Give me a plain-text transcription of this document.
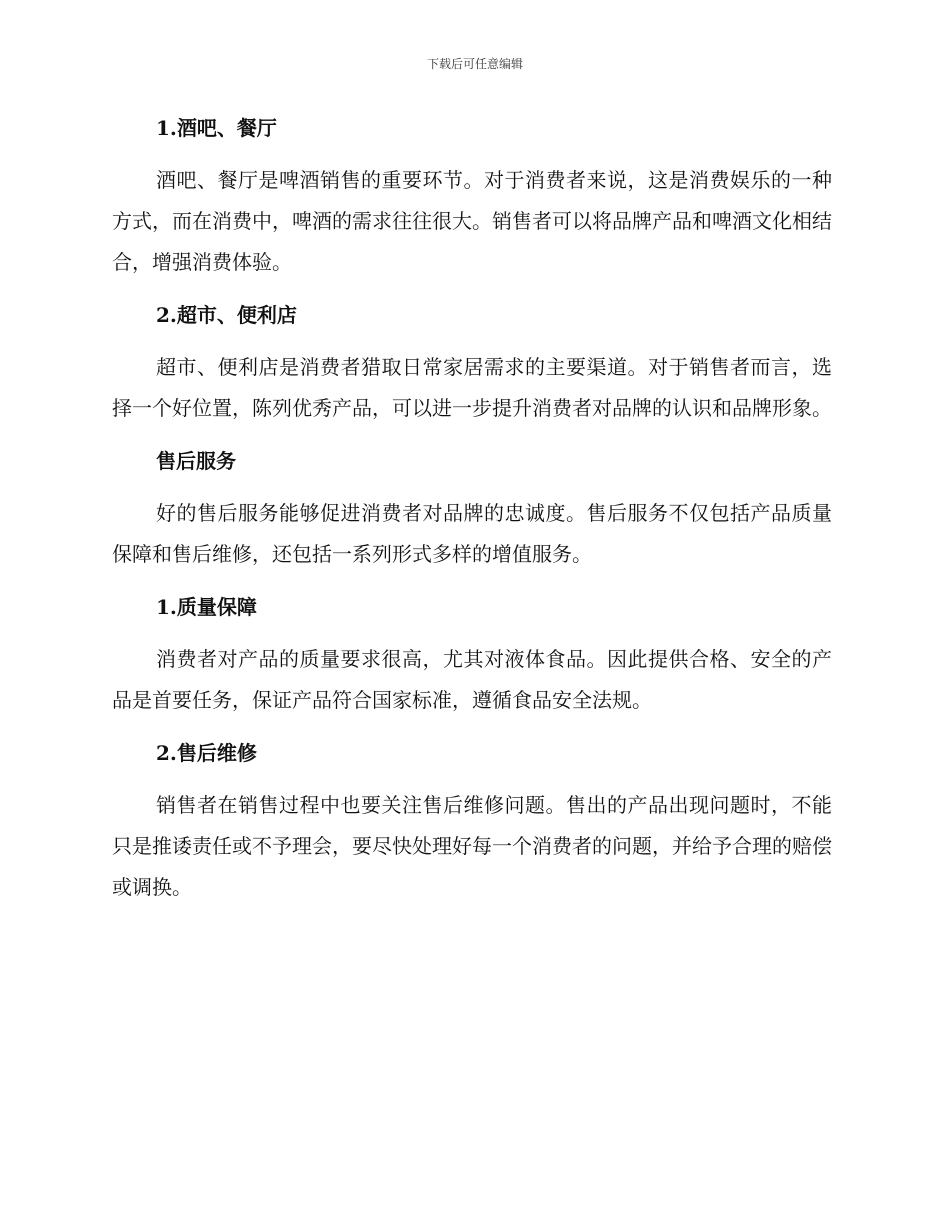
下载后可任意编辑
1.酒吧、餐厅

酒吧、餐厅是啤酒销售的重要环节。对于消费者来说，这是消费娱乐的一种方式，而在消费中，啤酒的需求往往很大。销售者可以将品牌产品和啤酒文化相结合，增强消费体验。

2.超市、便利店

超市、便利店是消费者猎取日常家居需求的主要渠道。对于销售者而言，选择一个好位置，陈列优秀产品，可以进一步提升消费者对品牌的认识和品牌形象。

售后服务

好的售后服务能够促进消费者对品牌的忠诚度。售后服务不仅包括产品质量保障和售后维修，还包括一系列形式多样的增值服务。

1.质量保障

消费者对产品的质量要求很高，尤其对液体食品。因此提供合格、安全的产品是首要任务，保证产品符合国家标准，遵循食品安全法规。

2.售后维修

销售者在销售过程中也要关注售后维修问题。售出的产品出现问题时，不能只是推诿责任或不予理会，要尽快处理好每一个消费者的问题，并给予合理的赔偿或调换。
